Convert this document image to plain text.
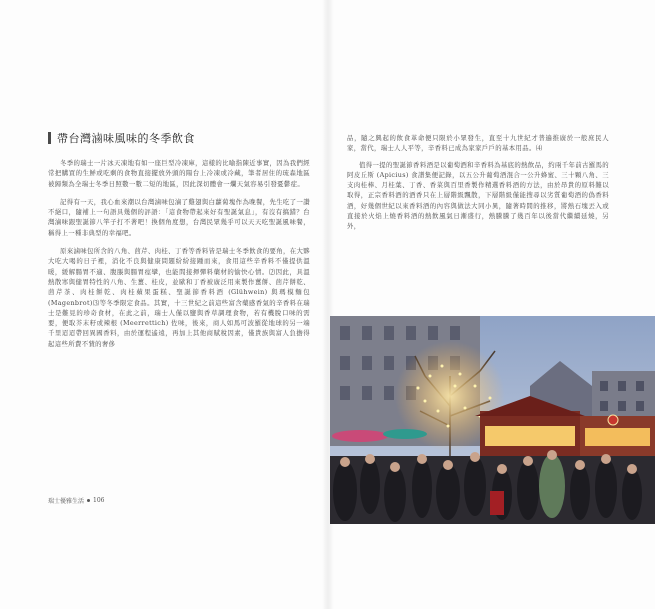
帶台灣滷味風味的冬季飲食

冬季的瑞士一片冰天凍地有如一座巨型冷凍庫，這樣的比喻指陳近事實，因為我們經常把購買的生鮮或吃剩的食物直接擺放外頭的陽台上冷凍或冷藏，筆者居住的琉森地區被歸類為全瑞士冬季日照數一數二短的地區，因此深切體會一爛天氣容易引發憂鬱症。

記得有一天，我心血來潮以台灣滷味包滷了雞翅與白蘿蔔塊作為晚餐，先生吃了一讚不絕口，隨補上一句語具幾個的評語：「這食物帶起來好有聖誕氣息」，有沒有搞錯？台灣滷味跟聖誕節八竿子打不著吧！換個角度想，台灣民眾幾乎可以天天吃聖誕風味餐，稱得上一種非典型的幸福吧。

原來滷味包所含的八角、茴芹、肉桂、丁香等香料皆是瑞士冬季飲食的要角，在大夥大吃大喝的日子裡，消化不良與健康問題紛紛接踵而來，食用這些辛香料不僅提供溫暖，緩解腸胃不適、腹脹與腸胃痙攣，也能間接揮彈料藥材的愉快心情。⑵因此，具溫熱散寒與健胃特性的八角、生薑、桂皮，並歐和丁香被廣泛用來製作薑餅、茴芹餅乾、茴芹茶、肉桂餅乾、肉桂蘋果蛋糕、聖誕節香料酒 (Glühwein) 與瑪模麵包 (Magenbrot)⑶等冬季限定食品。其實，十三世紀之前這些富含藥感香氣的辛香料在瑞士是難見的珍奇食材，在此之前，瑞士人僅以鹽與香草調理食物，若有機脫口味的需要，便取芥末籽或辣根 (Meerrettich) 佐味，後來，商人如馬可波羅從地球的另一端千里迢迢帶回異國香料，由於運程遙遠，再加上其他商賦稅因素，僅貴族與富人負擔得起這些所費不貲的奢侈

瑞士優雅生活 106

品，隨之興起的飲食革命便只限於小眾發生，直至十九世紀才普遍推廣於一般庶民人家，當代，瑞士人人平等，辛香料已成為家家戶戶的基本用品。⑷

值得一提的聖誕節香料酒是以葡萄酒和辛香料為基底的熱飲品，約兩千年前古羅馬的阿皮丘斯 (Apicius) 食譜集便記錄，以五公升葡萄酒混合一公升蜂蜜、三十顆八角、三支肉桂棒、月桂葉、丁香、香菜與百里香製作精選香料酒的方法，由於昂貴的原料難以取得，正宗香料酒的酒香只在上層階級飄散，下層階級僅能搜尋以劣質葡萄酒的偽香料酒，好幾個世紀以來香料酒的內容與做法大同小異，隨著時間的推移，將熱石塊丟入或直接於火焰上燒香料酒的熱飲風氣日漸盛行，熱騰騰了幾百年以後當代繼續延燒，另外，
